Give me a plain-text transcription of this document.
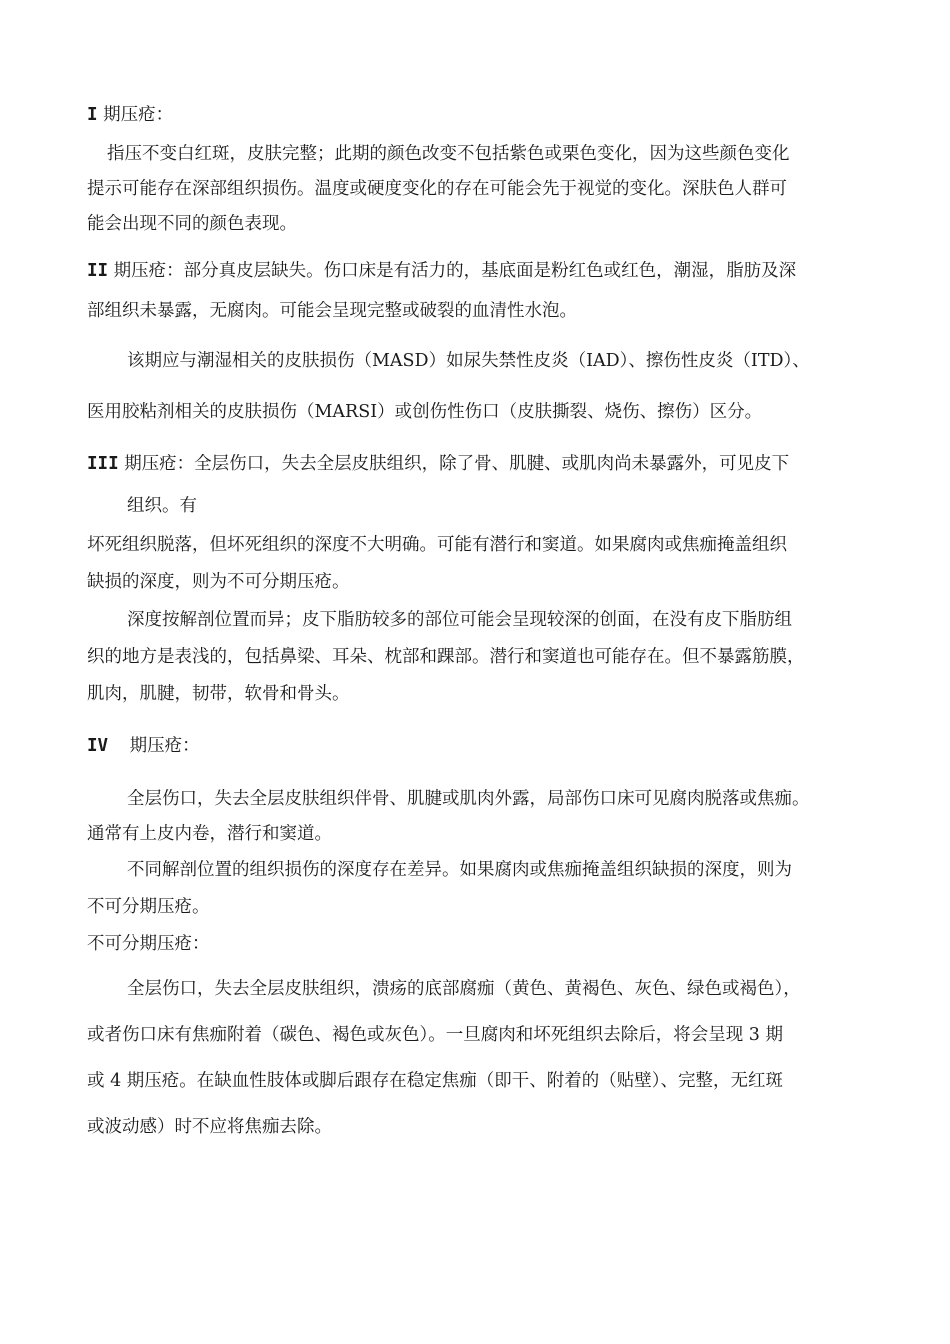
I 期压疮：
指压不变白红斑，皮肤完整；此期的颜色改变不包括紫色或栗色变化，因为这些颜色变化
提示可能存在深部组织损伤。温度或硬度变化的存在可能会先于视觉的变化。深肤色人群可
能会出现不同的颜色表现。
II 期压疮：部分真皮层缺失。伤口床是有活力的，基底面是粉红色或红色，潮湿，脂肪及深
部组织未暴露，无腐肉。可能会呈现完整或破裂的血清性水泡。
该期应与潮湿相关的皮肤损伤（MASD）如尿失禁性皮炎（IAD）、擦伤性皮炎（ITD）、
医用胶粘剂相关的皮肤损伤（MARSI）或创伤性伤口（皮肤撕裂、烧伤、擦伤）区分。
III 期压疮：全层伤口，失去全层皮肤组织，除了骨、肌腱、或肌肉尚未暴露外，可见皮下
组织。有
坏死组织脱落，但坏死组织的深度不大明确。可能有潜行和窦道。如果腐肉或焦痂掩盖组织
缺损的深度，则为不可分期压疮。
深度按解剖位置而异；皮下脂肪较多的部位可能会呈现较深的创面，在没有皮下脂肪组
织的地方是表浅的，包括鼻梁、耳朵、枕部和踝部。潜行和窦道也可能存在。但不暴露筋膜，
肌肉，肌腱，韧带，软骨和骨头。
IV 期压疮：
全层伤口，失去全层皮肤组织伴骨、肌腱或肌肉外露，局部伤口床可见腐肉脱落或焦痂。
通常有上皮内卷，潜行和窦道。
不同解剖位置的组织损伤的深度存在差异。如果腐肉或焦痂掩盖组织缺损的深度，则为
不可分期压疮。
不可分期压疮：
全层伤口，失去全层皮肤组织，溃疡的底部腐痂（黄色、黄褐色、灰色、绿色或褐色），
或者伤口床有焦痂附着（碳色、褐色或灰色）。一旦腐肉和坏死组织去除后，将会呈现 3 期
或 4 期压疮。在缺血性肢体或脚后跟存在稳定焦痂（即干、附着的（贴壁）、完整，无红斑
或波动感）时不应将焦痂去除。
